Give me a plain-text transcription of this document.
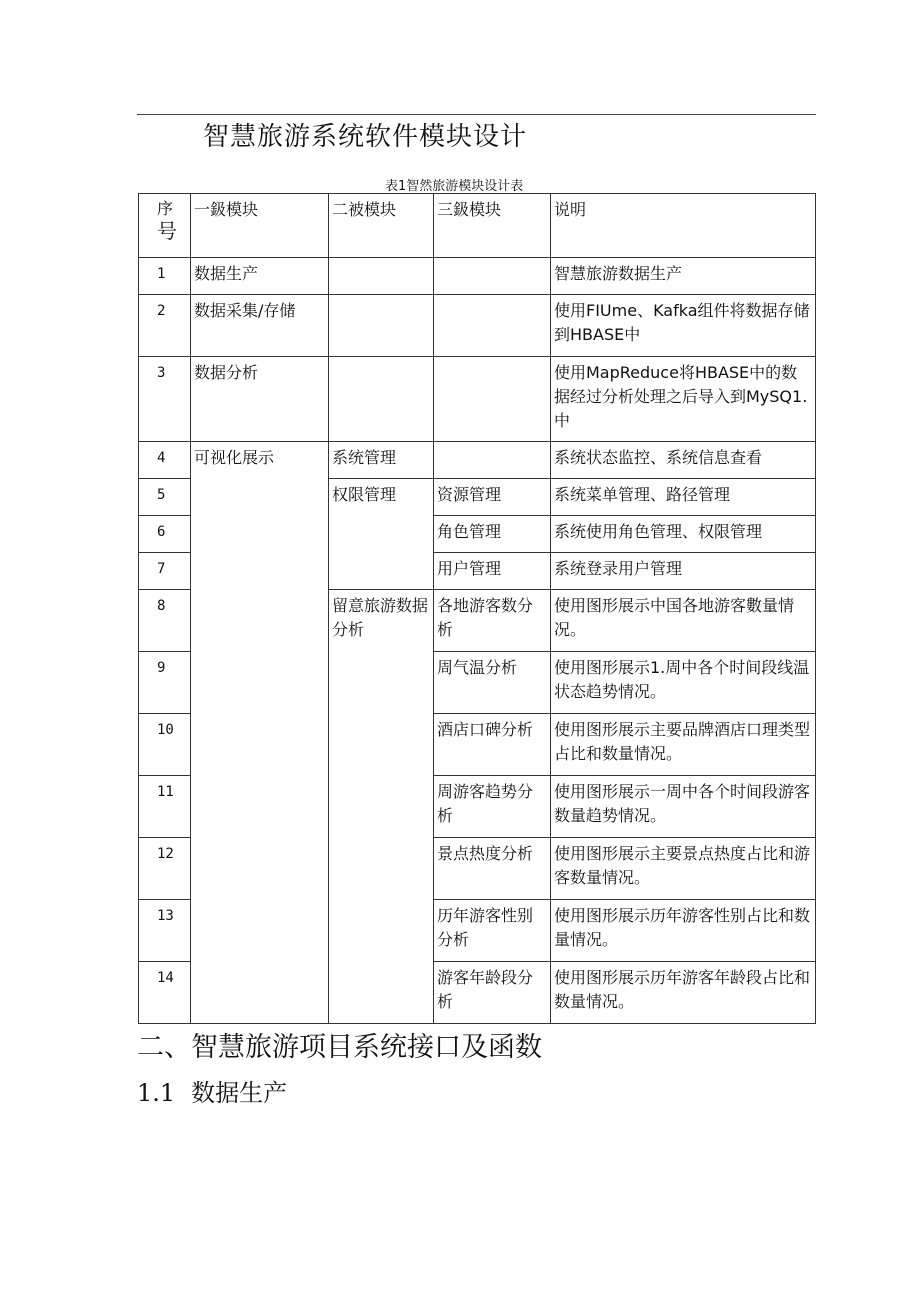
智慧旅游系统软件模块设计
表1智然旅游模块设计表
序
号	一鈒模块	二被模块	三鈒模块	说明
1	数据生产			智慧旅游数据生产
2	数据采集/存储			使用FIUme、Kafka组件将数据存储到HBASE中
3	数据分析			使用MapReduce将HBASE中的数据经过分析处理之后导入到MySQ1.中
4	可视化展示	系统管理		系统状态监控、系统信息查看
5		权限管理	资源管理	系统菜单管理、路径管理
6			角色管理	系统使用角色管理、权限管理
7			用户管理	系统登录用户管理
8		留意旅游数据分析	各地游客数分析	使用图形展示中国各地游客數量情况。
9			周气温分析	使用图形展示1.周中各个时间段线温状态趋势情况。
10			酒店口碑分析	使用图形展示主要品牌酒店口理类型占比和数量情况。
11			周游客趋势分析	使用图形展示一周中各个时间段游客数量趋势情况。
12			景点热度分析	使用图形展示主要景点热度占比和游客数量情况。
13			历年游客性别分析	使用图形展示历年游客性别占比和数量情况。
14			游客年龄段分析	使用图形展示历年游客年龄段占比和数量情况。
二、智慧旅游项目系统接口及函数
1.1 数据生产
